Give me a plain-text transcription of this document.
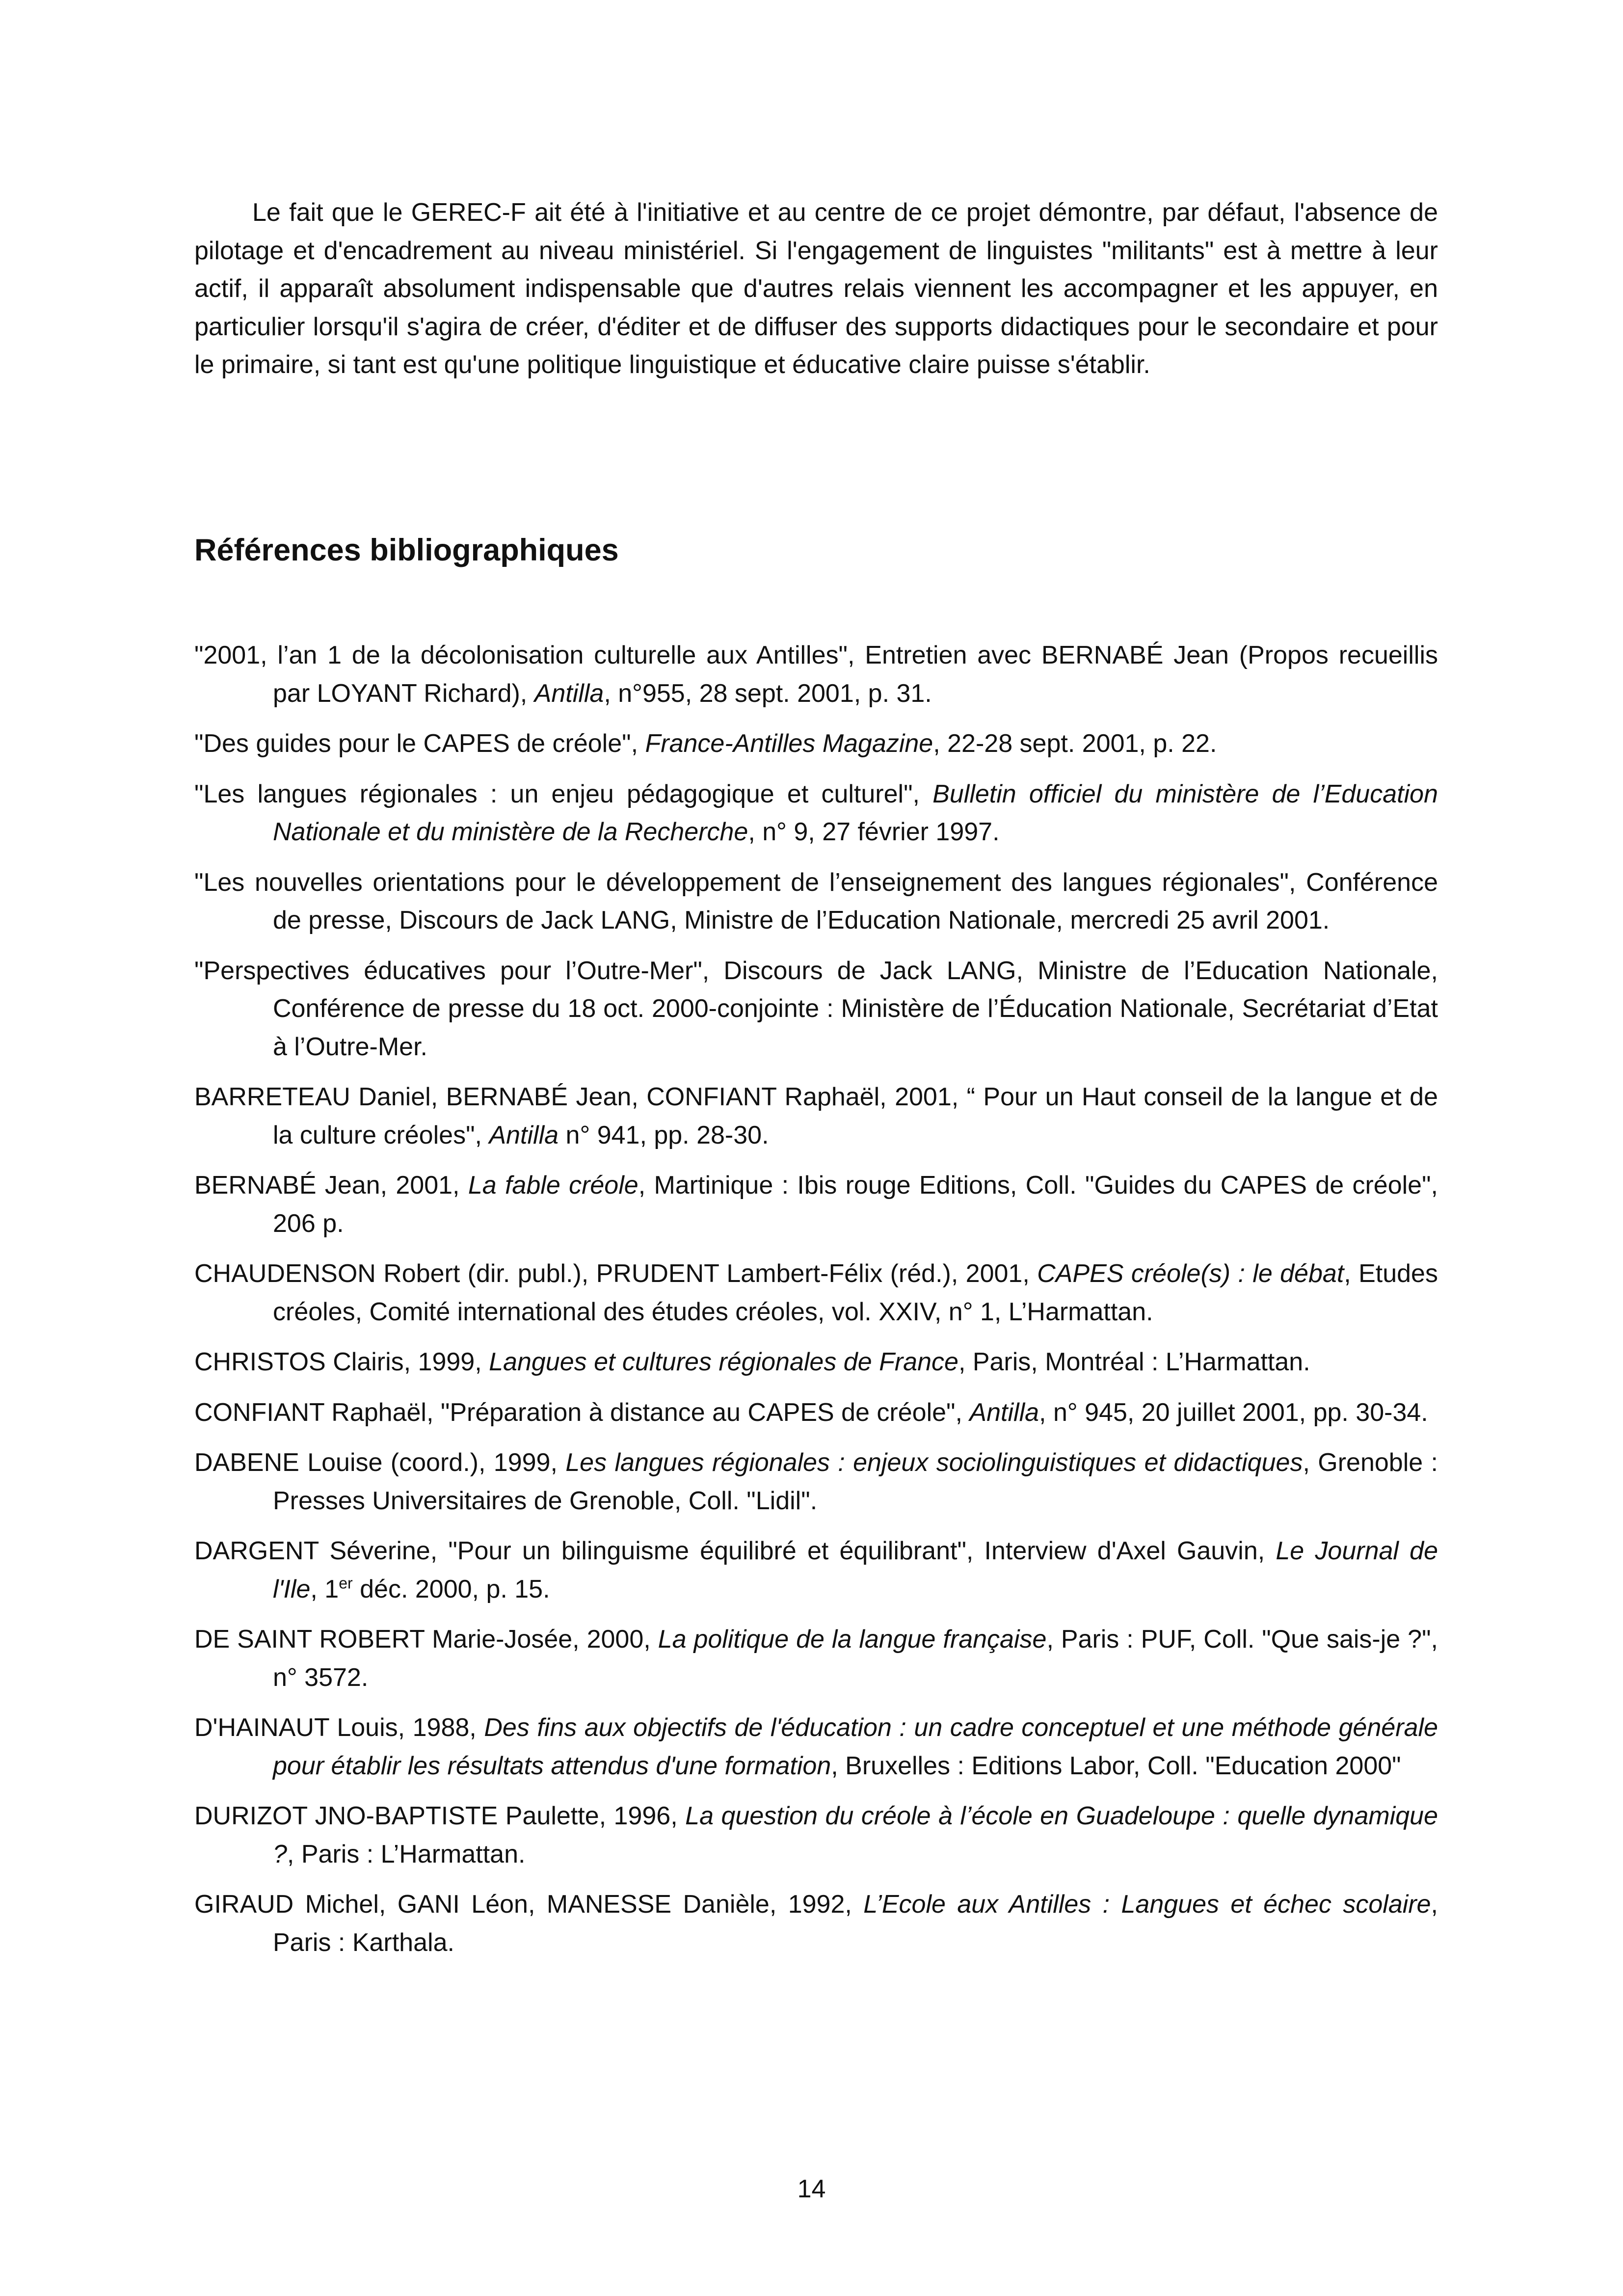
Le fait que le GEREC-F ait été à l'initiative et au centre de ce projet démontre, par défaut, l'absence de pilotage et d'encadrement au niveau ministériel. Si l'engagement de linguistes "militants" est à mettre à leur actif, il apparaît absolument indispensable que d'autres relais viennent les accompagner et les appuyer, en particulier lorsqu'il s'agira de créer, d'éditer et de diffuser des supports didactiques pour le secondaire et pour le primaire, si tant est qu'une politique linguistique et éducative claire puisse s'établir.

Références bibliographiques

"2001, l’an 1 de la décolonisation culturelle aux Antilles", Entretien avec BERNABÉ Jean (Propos recueillis par LOYANT Richard), Antilla, n°955, 28 sept. 2001, p. 31.

"Des guides pour le CAPES de créole", France-Antilles Magazine, 22-28 sept. 2001, p. 22.

"Les langues régionales : un enjeu pédagogique et culturel", Bulletin officiel du ministère de l’Education Nationale et du ministère de la Recherche, n° 9, 27 février 1997.

"Les nouvelles orientations pour le développement de l’enseignement des langues régionales", Conférence de presse, Discours de Jack LANG, Ministre de l’Education Nationale, mercredi 25 avril 2001.

"Perspectives éducatives pour l’Outre-Mer", Discours de Jack LANG, Ministre de l’Education Nationale, Conférence de presse du 18 oct. 2000-conjointe : Ministère de l’Éducation Nationale, Secrétariat d’Etat à l’Outre-Mer.

BARRETEAU Daniel, BERNABÉ Jean, CONFIANT Raphaël, 2001, “ Pour un Haut conseil de la langue et de la culture créoles", Antilla n° 941, pp. 28-30.

BERNABÉ Jean, 2001, La fable créole, Martinique : Ibis rouge Editions, Coll. "Guides du CAPES de créole", 206 p.

CHAUDENSON Robert (dir. publ.), PRUDENT Lambert-Félix (réd.), 2001, CAPES créole(s) : le débat, Etudes créoles, Comité international des études créoles, vol. XXIV, n° 1, L’Harmattan.

CHRISTOS Clairis, 1999, Langues et cultures régionales de France, Paris, Montréal : L’Harmattan.

CONFIANT Raphaël, "Préparation à distance au CAPES de créole", Antilla, n° 945, 20 juillet 2001, pp. 30-34.

DABENE Louise (coord.), 1999, Les langues régionales : enjeux sociolinguistiques et didactiques, Grenoble : Presses Universitaires de Grenoble, Coll. "Lidil".

DARGENT Séverine, "Pour un bilinguisme équilibré et équilibrant", Interview d'Axel Gauvin, Le Journal de l'Ile, 1er déc. 2000, p. 15.

DE SAINT ROBERT Marie-Josée, 2000, La politique de la langue française, Paris : PUF, Coll. "Que sais-je ?", n° 3572.

D'HAINAUT Louis, 1988, Des fins aux objectifs de l'éducation : un cadre conceptuel et une méthode générale pour établir les résultats attendus d'une formation, Bruxelles : Editions Labor, Coll. "Education 2000"

DURIZOT JNO-BAPTISTE Paulette, 1996, La question du créole à l’école en Guadeloupe : quelle dynamique ?, Paris : L’Harmattan.

GIRAUD Michel, GANI Léon, MANESSE Danièle, 1992, L’Ecole aux Antilles : Langues et échec scolaire, Paris : Karthala.

14
